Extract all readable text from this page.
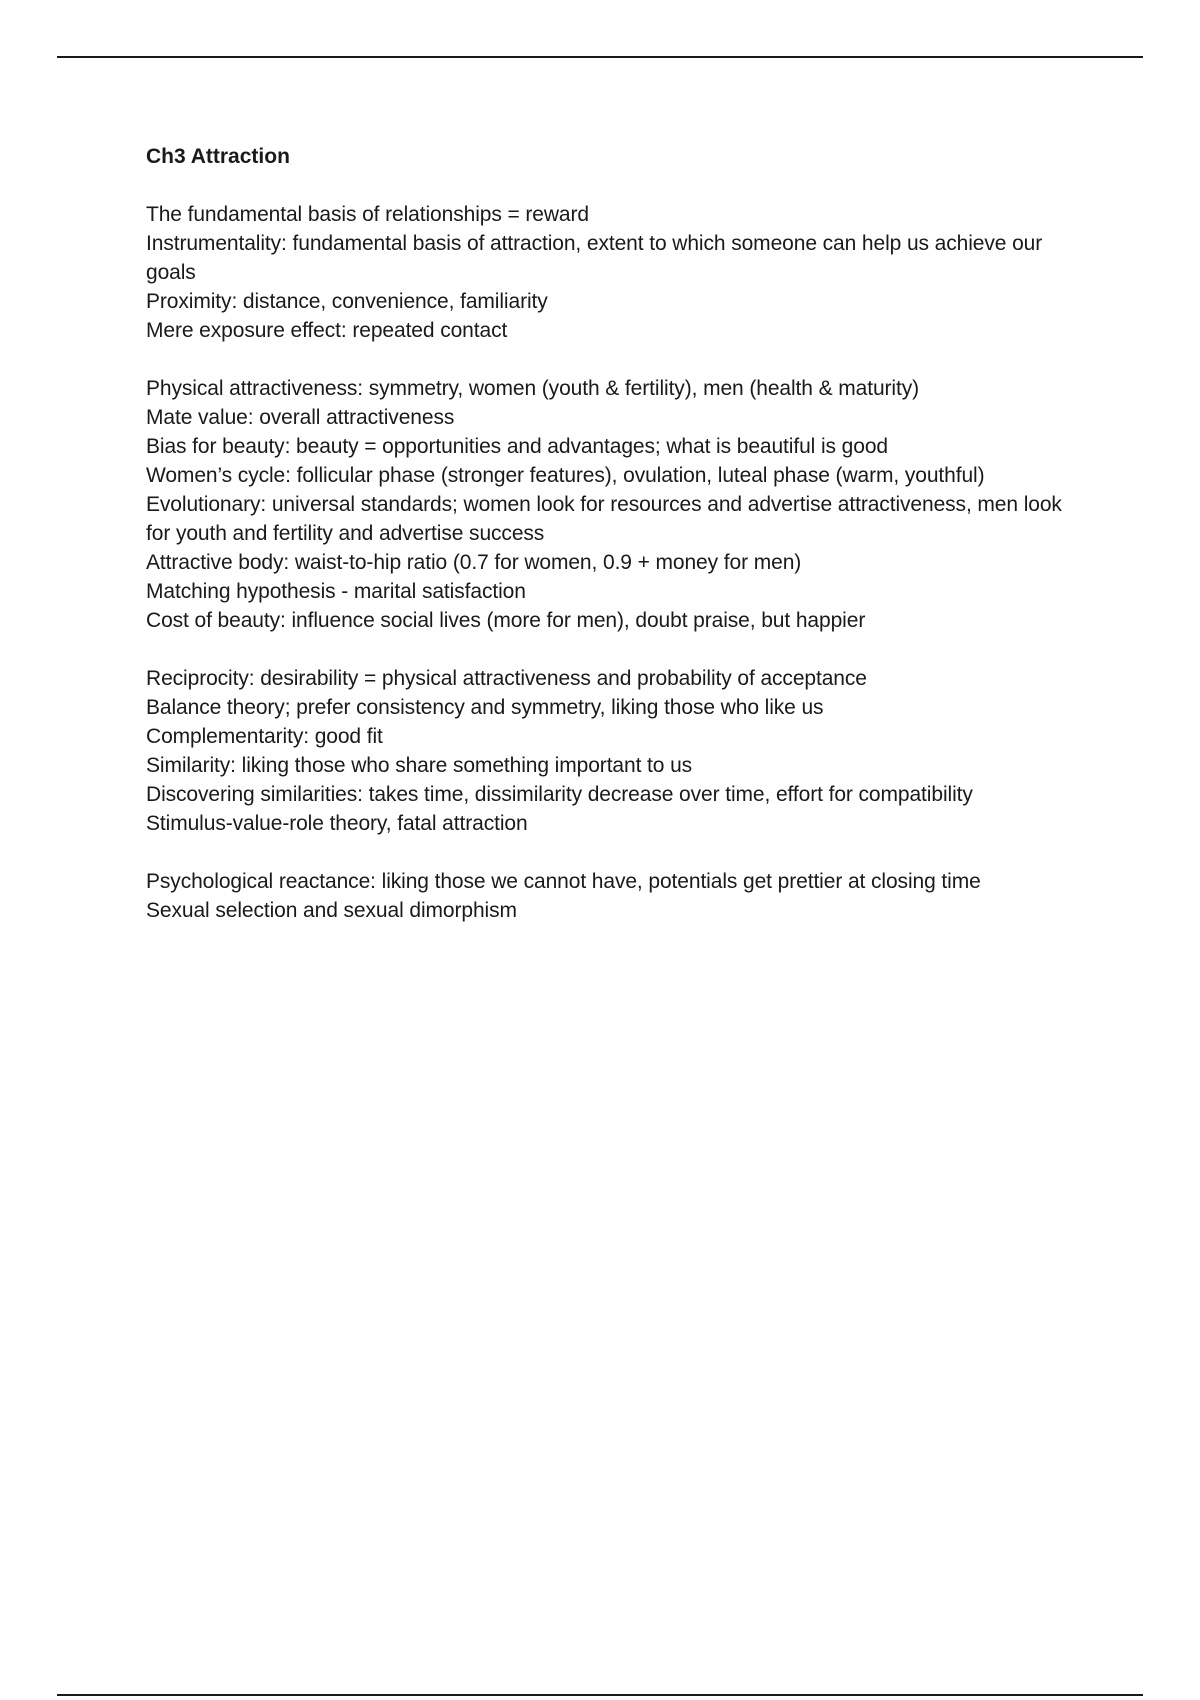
Ch3 Attraction
The fundamental basis of relationships = reward
Instrumentality: fundamental basis of attraction, extent to which someone can help us achieve our goals
Proximity: distance, convenience, familiarity
Mere exposure effect: repeated contact
Physical attractiveness: symmetry, women (youth & fertility), men (health & maturity)
Mate value: overall attractiveness
Bias for beauty: beauty = opportunities and advantages; what is beautiful is good
Women’s cycle: follicular phase (stronger features), ovulation, luteal phase (warm, youthful)
Evolutionary: universal standards; women look for resources and advertise attractiveness, men look for youth and fertility and advertise success
Attractive body: waist-to-hip ratio (0.7 for women, 0.9 + money for men)
Matching hypothesis - marital satisfaction
Cost of beauty: influence social lives (more for men), doubt praise, but happier
Reciprocity: desirability = physical attractiveness and probability of acceptance
Balance theory; prefer consistency and symmetry, liking those who like us
Complementarity: good fit
Similarity: liking those who share something important to us
Discovering similarities: takes time, dissimilarity decrease over time, effort for compatibility
Stimulus-value-role theory, fatal attraction
Psychological reactance: liking those we cannot have, potentials get prettier at closing time
Sexual selection and sexual dimorphism
